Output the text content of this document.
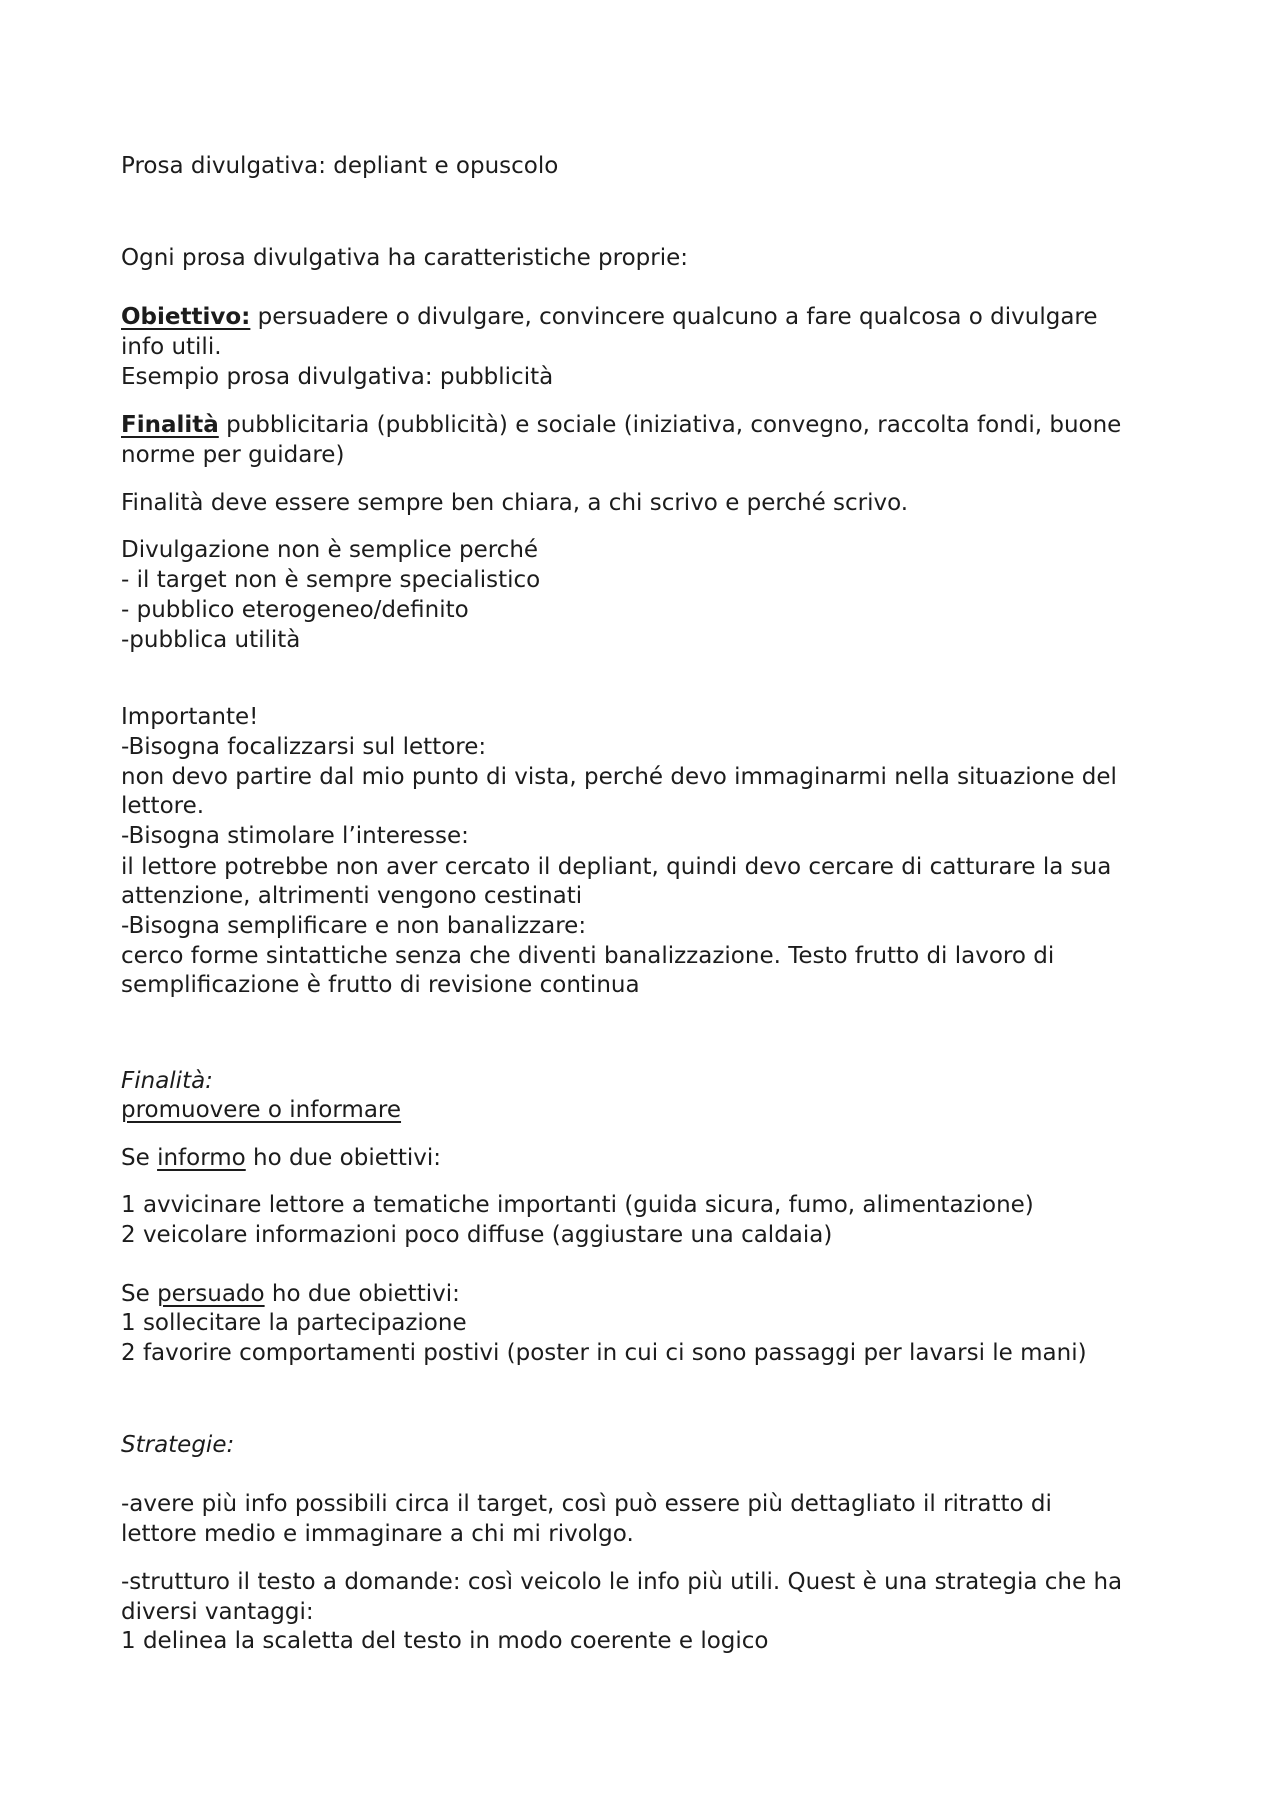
Prosa divulgativa: depliant e opuscolo

Ogni prosa divulgativa ha caratteristiche proprie:

Obiettivo: persuadere o divulgare, convincere qualcuno a fare qualcosa o divulgare

info utili.

Esempio prosa divulgativa: pubblicità

Finalità pubblicitaria (pubblicità) e sociale (iniziativa, convegno, raccolta fondi, buone

norme per guidare)

Finalità deve essere sempre ben chiara, a chi scrivo e perché scrivo.

Divulgazione non è semplice perché

- il target non è sempre specialistico

- pubblico eterogeneo/definito

-pubblica utilità

Importante!

-Bisogna focalizzarsi sul lettore:

non devo partire dal mio punto di vista, perché devo immaginarmi nella situazione del

lettore.

-Bisogna stimolare l’interesse:

il lettore potrebbe non aver cercato il depliant, quindi devo cercare di catturare la sua

attenzione, altrimenti vengono cestinati

-Bisogna semplificare e non banalizzare:

cerco forme sintattiche senza che diventi banalizzazione. Testo frutto di lavoro di

semplificazione è frutto di revisione continua

Finalità:

promuovere o informare

Se informo ho due obiettivi:

1 avvicinare lettore a tematiche importanti (guida sicura, fumo, alimentazione)

2 veicolare informazioni poco diffuse (aggiustare una caldaia)

Se persuado ho due obiettivi:

1 sollecitare la partecipazione

2 favorire comportamenti postivi (poster in cui ci sono passaggi per lavarsi le mani)

Strategie:

-avere più info possibili circa il target, così può essere più dettagliato il ritratto di

lettore medio e immaginare a chi mi rivolgo.

-strutturo il testo a domande: così veicolo le info più utili. Quest è una strategia che ha

diversi vantaggi:

1 delinea la scaletta del testo in modo coerente e logico
